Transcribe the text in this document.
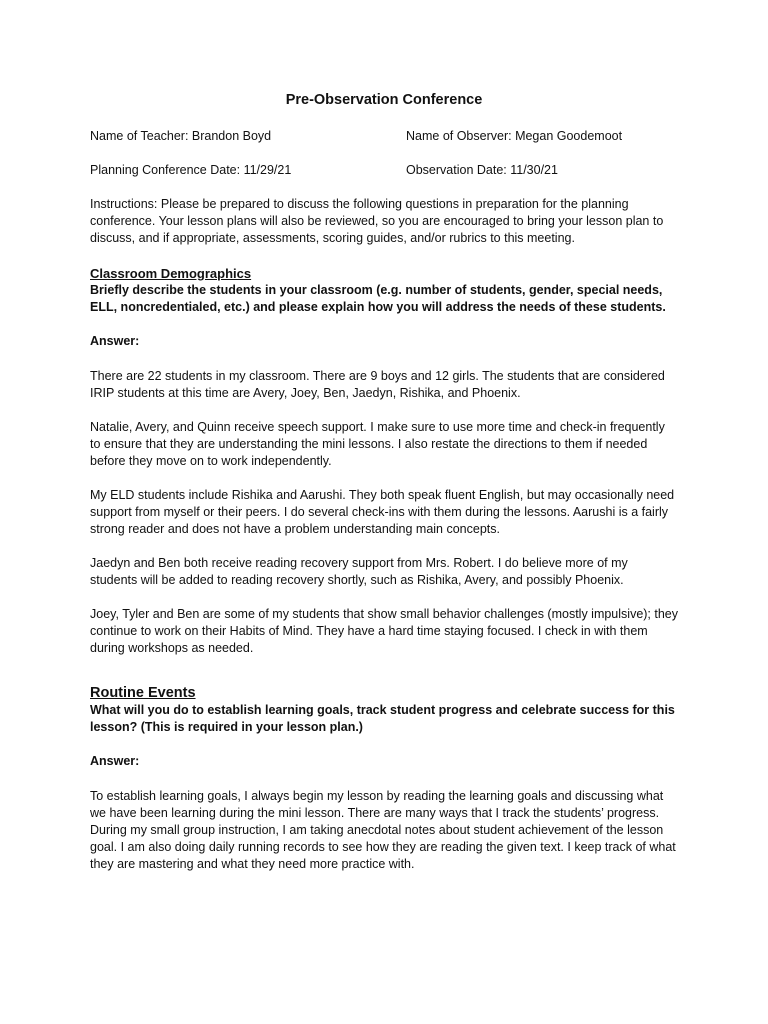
Pre-Observation Conference
Name of Teacher: Brandon Boyd	Name of Observer: Megan Goodemoot
Planning Conference Date: 11/29/21	Observation Date: 11/30/21

Instructions: Please be prepared to discuss the following questions in preparation for the planning conference. Your lesson plans will also be reviewed, so you are encouraged to bring your lesson plan to discuss, and if appropriate, assessments, scoring guides, and/or rubrics to this meeting.

Classroom Demographics

Briefly describe the students in your classroom (e.g. number of students, gender, special needs, ELL, noncredentialed, etc.) and please explain how you will address the needs of these students.

Answer:

There are 22 students in my classroom. There are 9 boys and 12 girls. The students that are considered IRIP students at this time are Avery, Joey, Ben, Jaedyn, Rishika, and Phoenix.

Natalie, Avery, and Quinn receive speech support. I make sure to use more time and check-in frequently to ensure that they are understanding the mini lessons. I also restate the directions to them if needed before they move on to work independently.

My ELD students include Rishika and Aarushi. They both speak fluent English, but may occasionally need support from myself or their peers. I do several check-ins with them during the lessons. Aarushi is a fairly strong reader and does not have a problem understanding main concepts.

Jaedyn and Ben both receive reading recovery support from Mrs. Robert. I do believe more of my students will be added to reading recovery shortly, such as Rishika, Avery, and possibly Phoenix.

Joey, Tyler and Ben are some of my students that show small behavior challenges (mostly impulsive); they continue to work on their Habits of Mind. They have a hard time staying focused. I check in with them during workshops as needed.

Routine Events

What will you do to establish learning goals, track student progress and celebrate success for this lesson? (This is required in your lesson plan.)

Answer:

To establish learning goals, I always begin my lesson by reading the learning goals and discussing what we have been learning during the mini lesson. There are many ways that I track the students’ progress. During my small group instruction, I am taking anecdotal notes about student achievement of the lesson goal. I am also doing daily running records to see how they are reading the given text. I keep track of what they are mastering and what they need more practice with.
